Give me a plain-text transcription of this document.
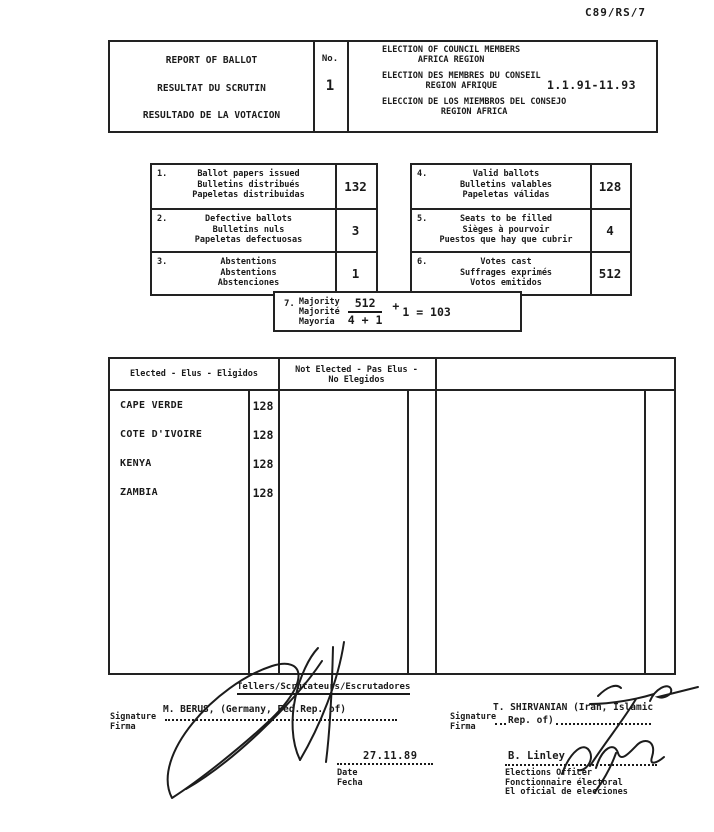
C89/RS/7
REPORT OF BALLOT
RESULTAT DU SCRUTIN
RESULTADO DE LA VOTACION
No.
1
ELECTION OF COUNCIL MEMBERS
AFRICA REGION
ELECTION DES MEMBRES DU CONSEIL
REGION AFRIQUE
ELECCION DE LOS MIEMBROS DEL CONSEJO
REGION AFRICA
1.1.91-11.93
1.	Ballot papers issued
Bulletins distribués
Papeletas distribuidas
132
2.	Defective ballots
Bulletins nuls
Papeletas defectuosas
3
3.	Abstentions
Abstentions
Abstenciones
1
4.	Valid ballots
Bulletins valables
Papeletas válidas
128
5.	Seats to be filled
Sièges à pourvoir
Puestos que hay que cubrir
4
6.	Votes cast
Suffrages exprimés
Votos emitidos
512
7. Majority
Majorité
Mayoría	$\frac{512}{4 + 1} + 1 = 103$
Elected - Elus - Eligidos	Not Elected - Pas Elus -
No Elegidos
CAPE VERDE	128
COTE D'IVOIRE	128
KENYA	128
ZAMBIA	128
Tellers/Scrutateurs/Escrutadores
Signature
Firma
M. BERUS, (Germany, Fed.Rep. of)
27.11.89
Date
Fecha
Signature
Firma
T. SHIRVANIAN (Iran, Islamic
Rep. of)
B. Linley
Elections Officer
Fonctionnaire électoral
El oficial de elecciones
